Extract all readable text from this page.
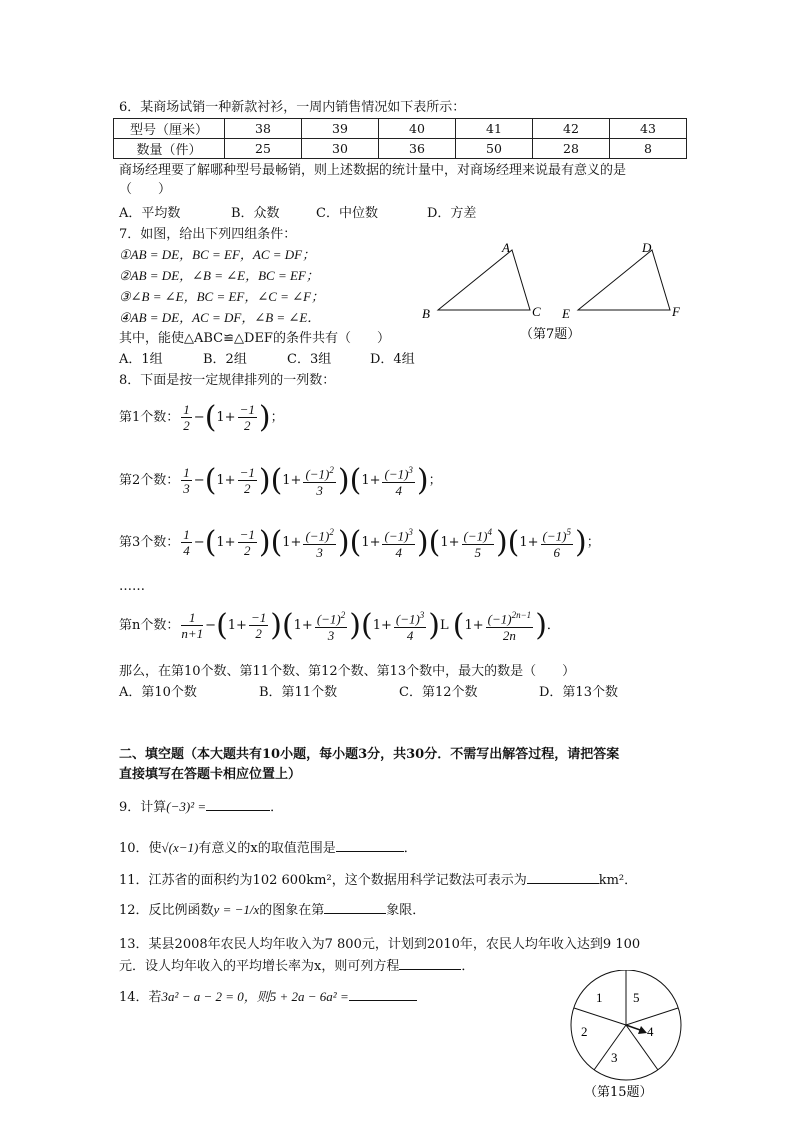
6．某商场试销一种新款衬衫，一周内销售情况如下表所示：
型号（厘米）	38	39	40	41	42	43
数量（件）	25	30	36	50	28	8
商场经理要了解哪种型号最畅销，则上述数据的统计量中，对商场经理来说最有意义的是
（　　）
A．平均数	B．众数	C．中位数	D．方差
7．如图，给出下列四组条件：
①AB = DE，BC = EF，AC = DF；
②AB = DE，∠B = ∠E，BC = EF；
③∠B = ∠E，BC = EF，∠C = ∠F；
④AB = DE，AC = DF，∠B = ∠E．
其中，能使△ABC≌△DEF的条件共有（　　）
A．1组	B．2组	C．3组	D．4组
A
B	C
D
E	F
（第7题）
8．下面是按一定规律排列的一列数：
第1个数： $\frac{1}{2} -(1+ \frac{-1}{2}$ )；
第2个数： $\frac{1}{3} -(1+ \frac{-1}{2} )(1+ \frac{(-1)^2}{3} )(1+ \frac{(-1)^3}{4}$ )；
第3个数： $\frac{1}{4} -(1+ \frac{-1}{2} )(1+ \frac{(-1)^2}{3} )(1+ \frac{(-1)^3}{4} )(1+ \frac{(-1)^4}{5} )(1+ \frac{(-1)^5}{6}$ )；
……
第n个数： $\frac{1}{n+1} -(1+ \frac{-1}{2} )(1+ \frac{(-1)^2}{3} )(1+ \frac{(-1)^3}{4} )L$ ($1+ \frac{(-1)^{2n-1}}{2n}$ )．
那么，在第10个数、第11个数、第12个数、第13个数中，最大的数是（　　）
A．第10个数	B．第11个数	C．第12个数	D．第13个数
二、填空题（本大题共有10小题，每小题3分，共30分．不需写出解答过程，请把答案
直接填写在答题卡相应位置上）
9．计算(−3)² =	．
10．使√(x−1)有意义的x的取值范围是	．
11．江苏省的面积约为102 600km²，这个数据用科学记数法可表示为	km²．
12．反比例函数y = −1/x的图象在第	象限．
13．某县2008年农民人均年收入为7 800元，计划到2010年，农民人均年收入达到9 100
元．设人均年收入的平均增长率为x，则可列方程	．
14．若3a² − a − 2 = 0，则5 + 2a − 6a² =	1 5
4
3
2
（第15题）
